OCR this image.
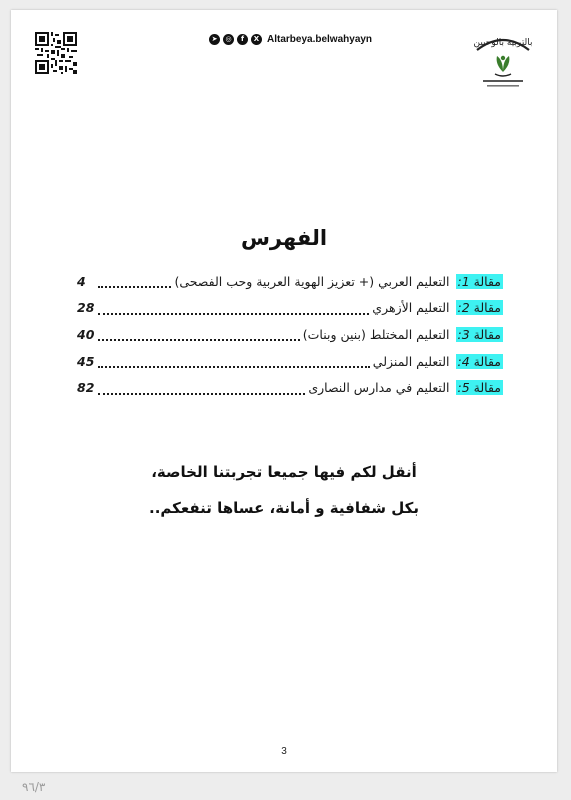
➤	◎	f	X Altarbeya.belwahyayn	بالتربية بالوحيين
الفهرس
مقالة 1:
التعليم العربي (+ تعزيز الهوية العربية وحب الفصحى)
4
مقالة 2:
التعليم الأزهري
28
مقالة 3:
التعليم المختلط (بنين وبنات)
40
مقالة 4:
التعليم المنزلي
45
مقالة 5:
التعليم في مدارس النصارى
82
أنقل لكم فيها جميعا تجربتنا الخاصة،
بكل شفافية و أمانة، عساها تنفعكم..
3
٩٦/٣
